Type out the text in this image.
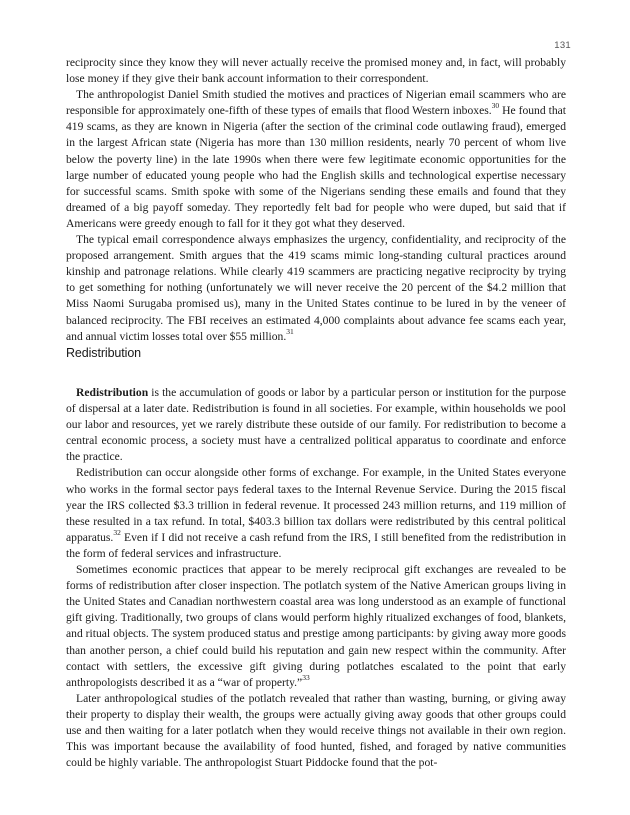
131

reciprocity since they know they will never actually receive the promised money and, in fact, will probably lose money if they give their bank account information to their correspondent.

The anthropologist Daniel Smith studied the motives and practices of Nigerian email scammers who are responsible for approximately one-fifth of these types of emails that flood Western inboxes.$^{30}$ He found that 419 scams, as they are known in Nigeria (after the section of the criminal code outlawing fraud), emerged in the largest African state (Nigeria has more than 130 million residents, nearly 70 percent of whom live below the poverty line) in the late 1990s when there were few legitimate economic opportunities for the large number of educated young people who had the English skills and technological expertise necessary for successful scams. Smith spoke with some of the Nigerians sending these emails and found that they dreamed of a big payoff someday. They reportedly felt bad for people who were duped, but said that if Americans were greedy enough to fall for it they got what they deserved.

The typical email correspondence always emphasizes the urgency, confidentiality, and reciprocity of the proposed arrangement. Smith argues that the 419 scams mimic long-standing cultural practices around kinship and patronage relations. While clearly 419 scammers are practicing negative reciprocity by trying to get something for nothing (unfortunately we will never receive the 20 percent of the $4.2 million that Miss Naomi Surugaba promised us), many in the United States continue to be lured in by the veneer of balanced reciprocity. The FBI receives an estimated 4,000 complaints about advance fee scams each year, and annual victim losses total over $55 million.$^{31}$

Redistribution

Redistribution is the accumulation of goods or labor by a particular person or institution for the purpose of dispersal at a later date. Redistribution is found in all societies. For example, within households we pool our labor and resources, yet we rarely distribute these outside of our family. For redistribution to become a central economic process, a society must have a centralized political apparatus to coordinate and enforce the practice.

Redistribution can occur alongside other forms of exchange. For example, in the United States everyone who works in the formal sector pays federal taxes to the Internal Revenue Service. During the 2015 fiscal year the IRS collected $3.3 trillion in federal revenue. It processed 243 million returns, and 119 million of these resulted in a tax refund. In total, $403.3 billion tax dollars were redistributed by this central political apparatus.$^{32}$ Even if I did not receive a cash refund from the IRS, I still benefited from the redistribution in the form of federal services and infrastructure.

Sometimes economic practices that appear to be merely reciprocal gift exchanges are revealed to be forms of redistribution after closer inspection. The potlatch system of the Native American groups living in the United States and Canadian northwestern coastal area was long understood as an example of functional gift giving. Traditionally, two groups of clans would perform highly ritualized exchanges of food, blankets, and ritual objects. The system produced status and prestige among participants: by giving away more goods than another person, a chief could build his reputation and gain new respect within the community. After contact with settlers, the excessive gift giving during potlatches escalated to the point that early anthropologists described it as a “war of property.”$^{33}$

Later anthropological studies of the potlatch revealed that rather than wasting, burning, or giving away their property to display their wealth, the groups were actually giving away goods that other groups could use and then waiting for a later potlatch when they would receive things not available in their own region. This was important because the availability of food hunted, fished, and foraged by native communities could be highly variable. The anthropologist Stuart Piddocke found that the pot-
